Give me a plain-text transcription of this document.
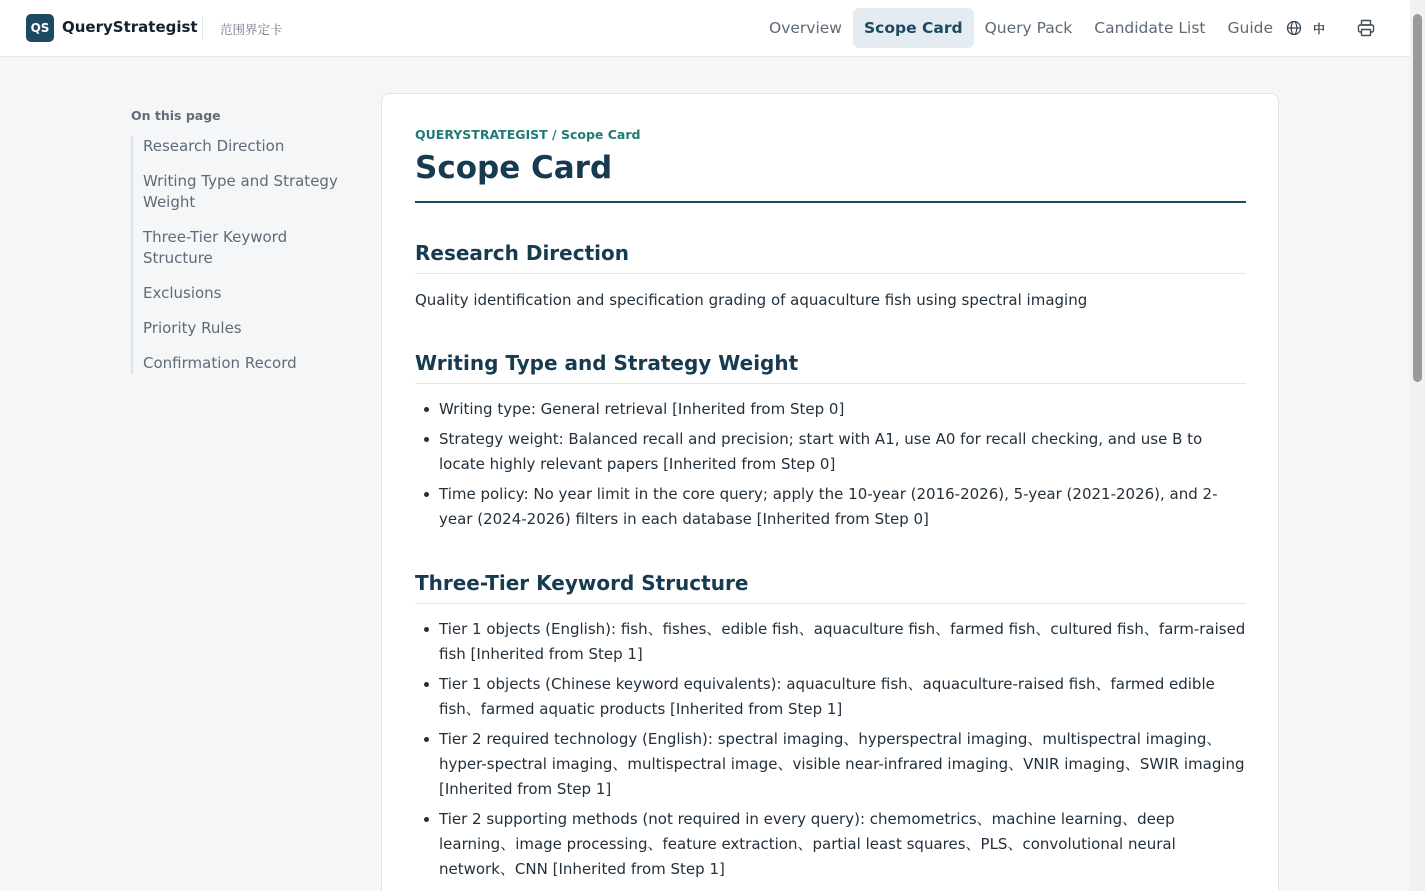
QS QueryStrategist 范围界定卡	Overview	Scope Card	Query Pack	Candidate List	Guide	中
On this page
Research Direction
Writing Type and Strategy Weight
Three-Tier Keyword Structure
Exclusions
Priority Rules
Confirmation Record
QUERYSTRATEGIST / Scope Card
Scope Card
Research Direction

Quality identification and specification grading of aquaculture fish using spectral imaging

Writing Type and Strategy Weight
Writing type: General retrieval [Inherited from Step 0]
Strategy weight: Balanced recall and precision; start with A1, use A0 for recall checking, and use B to locate highly relevant papers [Inherited from Step 0]
Time policy: No year limit in the core query; apply the 10-year (2016-2026), 5-year (2021-2026), and 2-year (2024-2026) filters in each database [Inherited from Step 0]
Three-Tier Keyword Structure
Tier 1 objects (English): fish、fishes、edible fish、aquaculture fish、farmed fish、cultured fish、farm-raised fish [Inherited from Step 1]
Tier 1 objects (Chinese keyword equivalents): aquaculture fish、aquaculture-raised fish、farmed edible fish、farmed aquatic products [Inherited from Step 1]
Tier 2 required technology (English): spectral imaging、hyperspectral imaging、multispectral imaging、hyper-spectral imaging、multispectral image、visible near-infrared imaging、VNIR imaging、SWIR imaging [Inherited from Step 1]
Tier 2 supporting methods (not required in every query): chemometrics、machine learning、deep learning、image processing、feature extraction、partial least squares、PLS、convolutional neural network、CNN [Inherited from Step 1]
